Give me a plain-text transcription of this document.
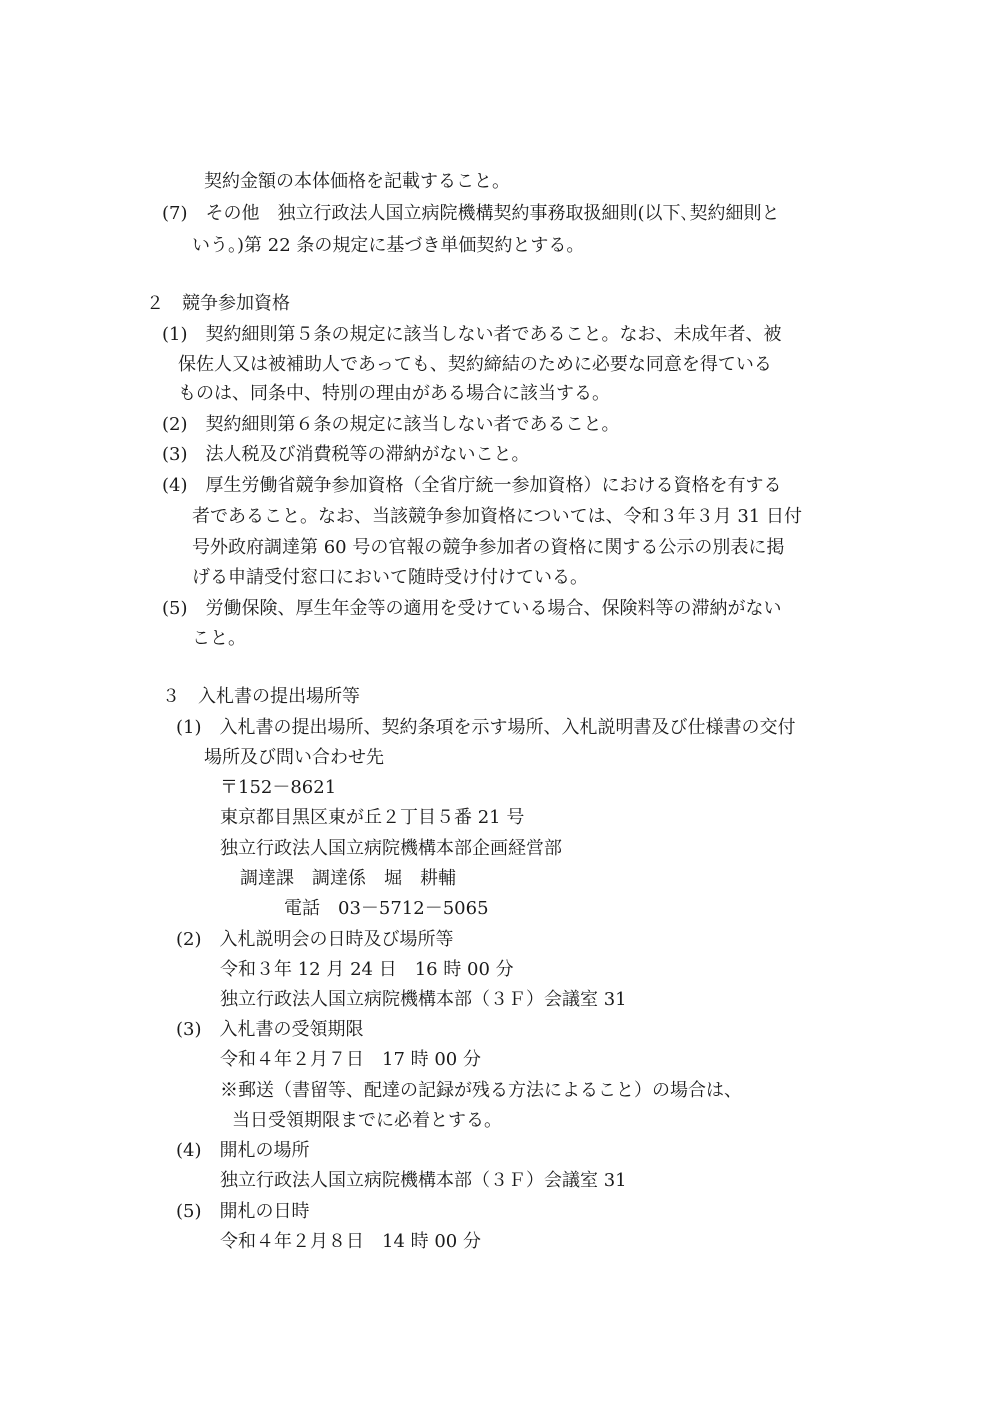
契約金額の本体価格を記載すること。
(7)　その他　独立行政法人国立病院機構契約事務取扱細則(以下､契約細則と
いう。)第 22 条の規定に基づき単価契約とする。
２　競争参加資格
(1)　契約細則第５条の規定に該当しない者であること。なお、未成年者、被
保佐人又は被補助人であっても、契約締結のために必要な同意を得ている
ものは、同条中、特別の理由がある場合に該当する。
(2)　契約細則第６条の規定に該当しない者であること。
(3)　法人税及び消費税等の滞納がないこと。
(4)　厚生労働省競争参加資格（全省庁統一参加資格）における資格を有する
者であること。なお、当該競争参加資格については、令和３年３月 31 日付
号外政府調達第 60 号の官報の競争参加者の資格に関する公示の別表に掲
げる申請受付窓口において随時受け付けている。
(5)　労働保険、厚生年金等の適用を受けている場合、保険料等の滞納がない
こと。
３　入札書の提出場所等
(1)　入札書の提出場所、契約条項を示す場所、入札説明書及び仕様書の交付
場所及び問い合わせ先
〒152－8621
東京都目黒区東が丘２丁目５番 21 号
独立行政法人国立病院機構本部企画経営部
調達課　調達係　堀　耕輔
電話　03－5712－5065
(2)　入札説明会の日時及び場所等
令和３年 12 月 24 日　16 時 00 分
独立行政法人国立病院機構本部（３Ｆ）会議室 31
(3)　入札書の受領期限
令和４年２月７日　17 時 00 分
※郵送（書留等、配達の記録が残る方法によること）の場合は、
当日受領期限までに必着とする。
(4)　開札の場所
独立行政法人国立病院機構本部（３Ｆ）会議室 31
(5)　開札の日時
令和４年２月８日　14 時 00 分
